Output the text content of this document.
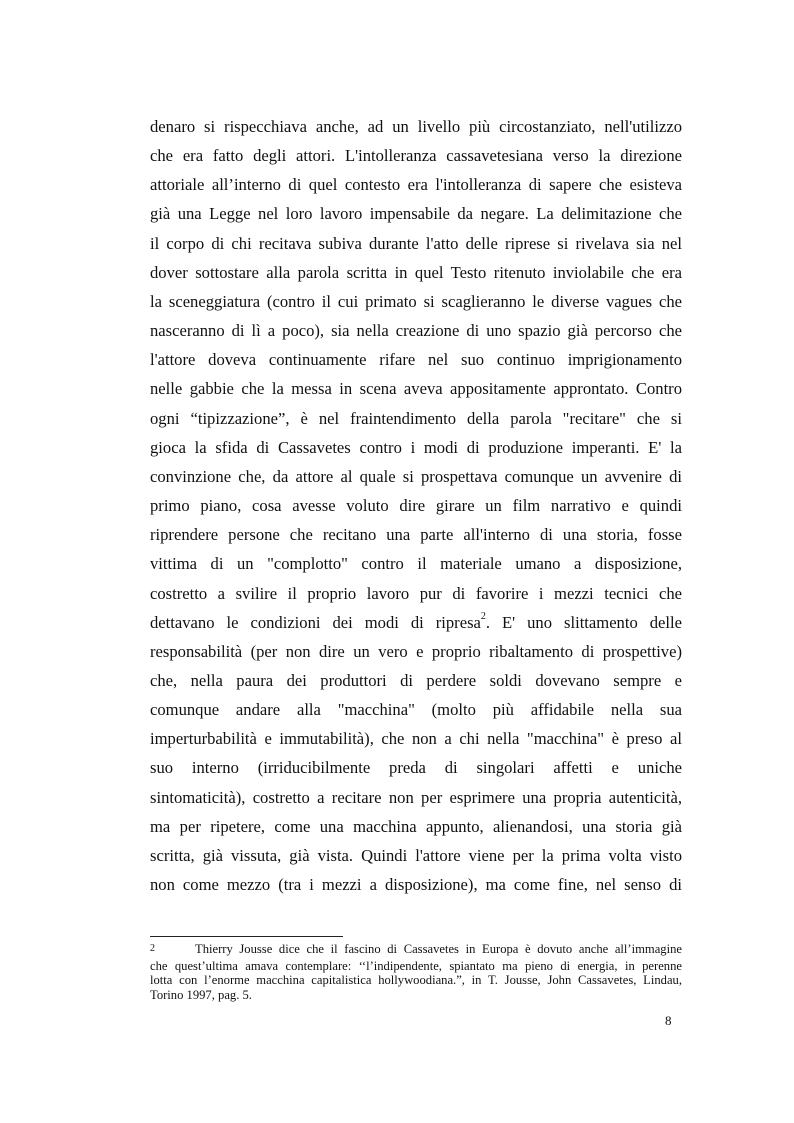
denaro si rispecchiava anche, ad un livello più circostanziato, nell'utilizzo
che era fatto degli attori. L'intolleranza cassavetesiana verso la direzione
attoriale all’interno di quel contesto era l'intolleranza di sapere che esisteva
già una Legge nel loro lavoro impensabile da negare. La delimitazione che
il corpo di chi recitava subiva durante l'atto delle riprese si rivelava sia nel
dover sottostare alla parola scritta in quel Testo ritenuto inviolabile che era
la sceneggiatura (contro il cui primato si scaglieranno le diverse vagues che
nasceranno di lì a poco), sia nella creazione di uno spazio già percorso che
l'attore doveva continuamente rifare nel suo continuo imprigionamento
nelle gabbie che la messa in scena aveva appositamente approntato. Contro
ogni “tipizzazione”, è nel fraintendimento della parola "recitare" che si
gioca la sfida di Cassavetes contro i modi di produzione imperanti. E' la
convinzione che, da attore al quale si prospettava comunque un avvenire di
primo piano, cosa avesse voluto dire girare un film narrativo e quindi
riprendere persone che recitano una parte all'interno di una storia, fosse
vittima di un "complotto" contro il materiale umano a disposizione,
costretto a svilire il proprio lavoro pur di favorire i mezzi tecnici che
dettavano le condizioni dei modi di ripresa$^2$. E' uno slittamento delle
responsabilità (per non dire un vero e proprio ribaltamento di prospettive)
che, nella paura dei produttori di perdere soldi dovevano sempre e
comunque andare alla "macchina" (molto più affidabile nella sua
imperturbabilità e immutabilità), che non a chi nella "macchina" è preso al
suo interno (irriducibilmente preda di singolari affetti e uniche
sintomaticità), costretto a recitare non per esprimere una propria autenticità,
ma per ripetere, come una macchina appunto, alienandosi, una storia già
scritta, già vissuta, già vista. Quindi l'attore viene per la prima volta visto
non come mezzo (tra i mezzi a disposizione), ma come fine, nel senso di
2	Thierry Jousse dice che il fascino di Cassavetes in Europa è dovuto anche all’immagine
che quest’ultima amava contemplare: ‘‘l’indipendente, spiantato ma pieno di energia, in perenne
lotta con l’enorme macchina capitalistica hollywoodiana.”, in T. Jousse, John Cassavetes, Lindau,
Torino 1997, pag. 5.
8
